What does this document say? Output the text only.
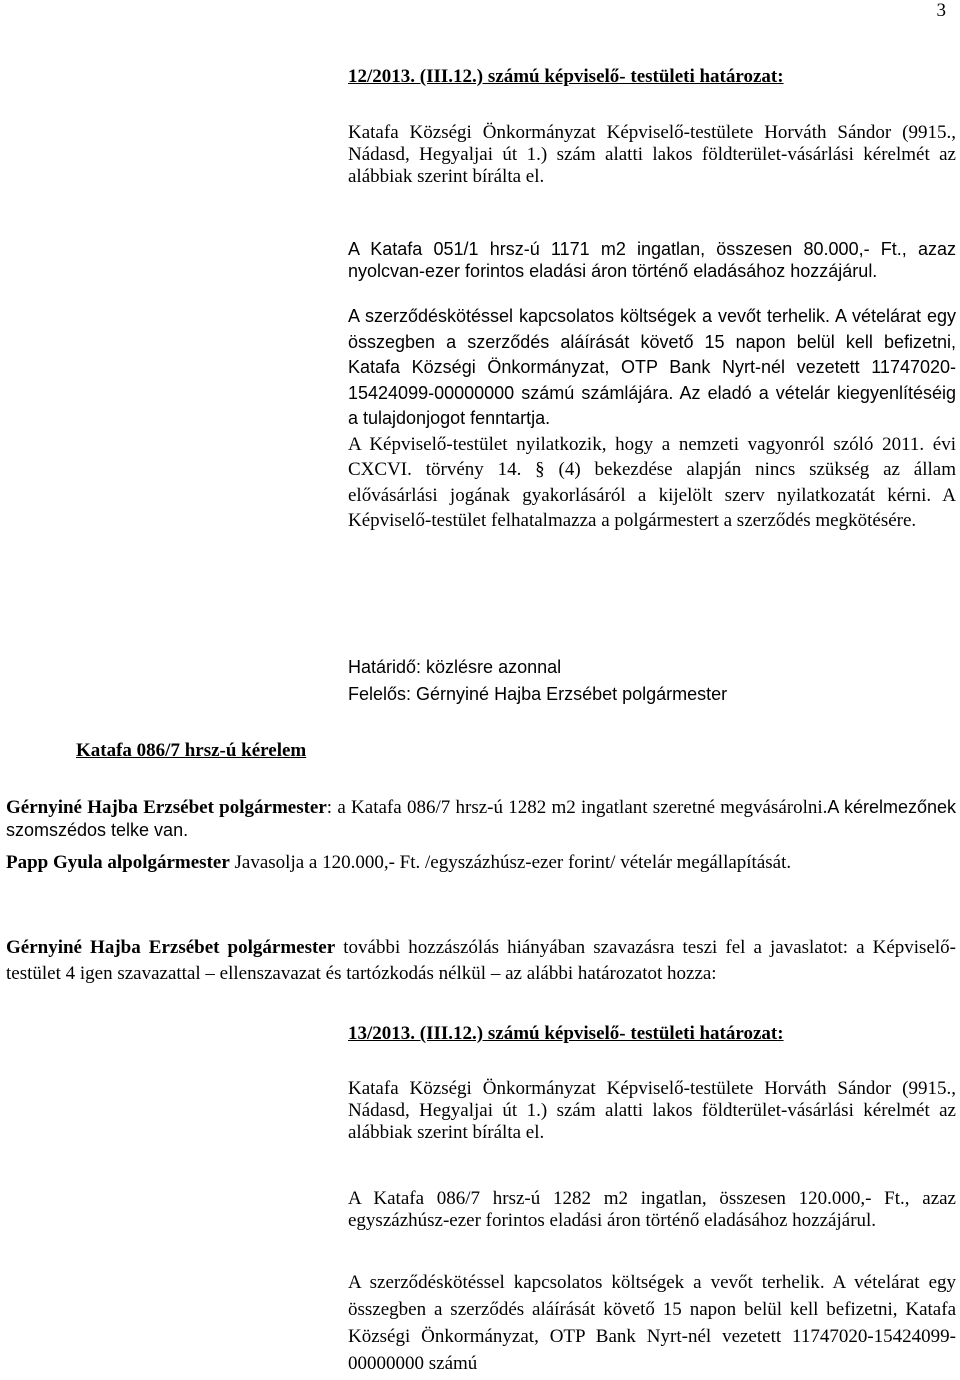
3
12/2013. (III.12.) számú képviselő- testületi határozat:
Katafa Községi Önkormányzat Képviselő-testülete Horváth Sándor (9915., Nádasd, Hegyaljai út 1.) szám alatti lakos földterület-vásárlási kérelmét az alábbiak szerint bírálta el.
A Katafa 051/1 hrsz-ú 1171 m2 ingatlan, összesen 80.000,- Ft., azaz nyolcvan-ezer forintos eladási áron történő eladásához hozzájárul.
A szerződéskötéssel kapcsolatos költségek a vevőt terhelik. A vételárat egy összegben a szerződés aláírását követő 15 napon belül kell befizetni, Katafa Községi Önkormányzat, OTP Bank Nyrt-nél vezetett 11747020-15424099-00000000 számú számlájára. Az eladó a vételár kiegyenlítéséig a tulajdonjogot fenntartja.
A Képviselő-testület nyilatkozik, hogy a nemzeti vagyonról szóló 2011. évi CXCVI. törvény 14. § (4) bekezdése alapján nincs szükség az állam elővásárlási jogának gyakorlásáról a kijelölt szerv nyilatkozatát kérni. A Képviselő-testület felhatalmazza a polgármestert a szerződés megkötésére.
Határidő: közlésre azonnal
Felelős: Gérnyiné Hajba Erzsébet polgármester
Katafa 086/7 hrsz-ú kérelem
Gérnyiné Hajba Erzsébet polgármester: a Katafa 086/7 hrsz-ú 1282 m2 ingatlant szeretné megvásárolni.A kérelmezőnek szomszédos telke van.
Papp Gyula alpolgármester Javasolja a 120.000,- Ft. /egyszázhúsz-ezer forint/ vételár megállapítását.
Gérnyiné Hajba Erzsébet polgármester további hozzászólás hiányában szavazásra teszi fel a javaslatot: a Képviselő-testület 4 igen szavazattal – ellenszavazat és tartózkodás nélkül – az alábbi határozatot hozza:
13/2013. (III.12.) számú képviselő- testületi határozat:
Katafa Községi Önkormányzat Képviselő-testülete Horváth Sándor (9915., Nádasd, Hegyaljai út 1.) szám alatti lakos földterület-vásárlási kérelmét az alábbiak szerint bírálta el.
A Katafa 086/7 hrsz-ú 1282 m2 ingatlan, összesen 120.000,- Ft., azaz egyszázhúsz-ezer forintos eladási áron történő eladásához hozzájárul.
A szerződéskötéssel kapcsolatos költségek a vevőt terhelik. A vételárat egy összegben a szerződés aláírását követő 15 napon belül kell befizetni, Katafa Községi Önkormányzat, OTP Bank Nyrt-nél vezetett 11747020-15424099-00000000 számú
